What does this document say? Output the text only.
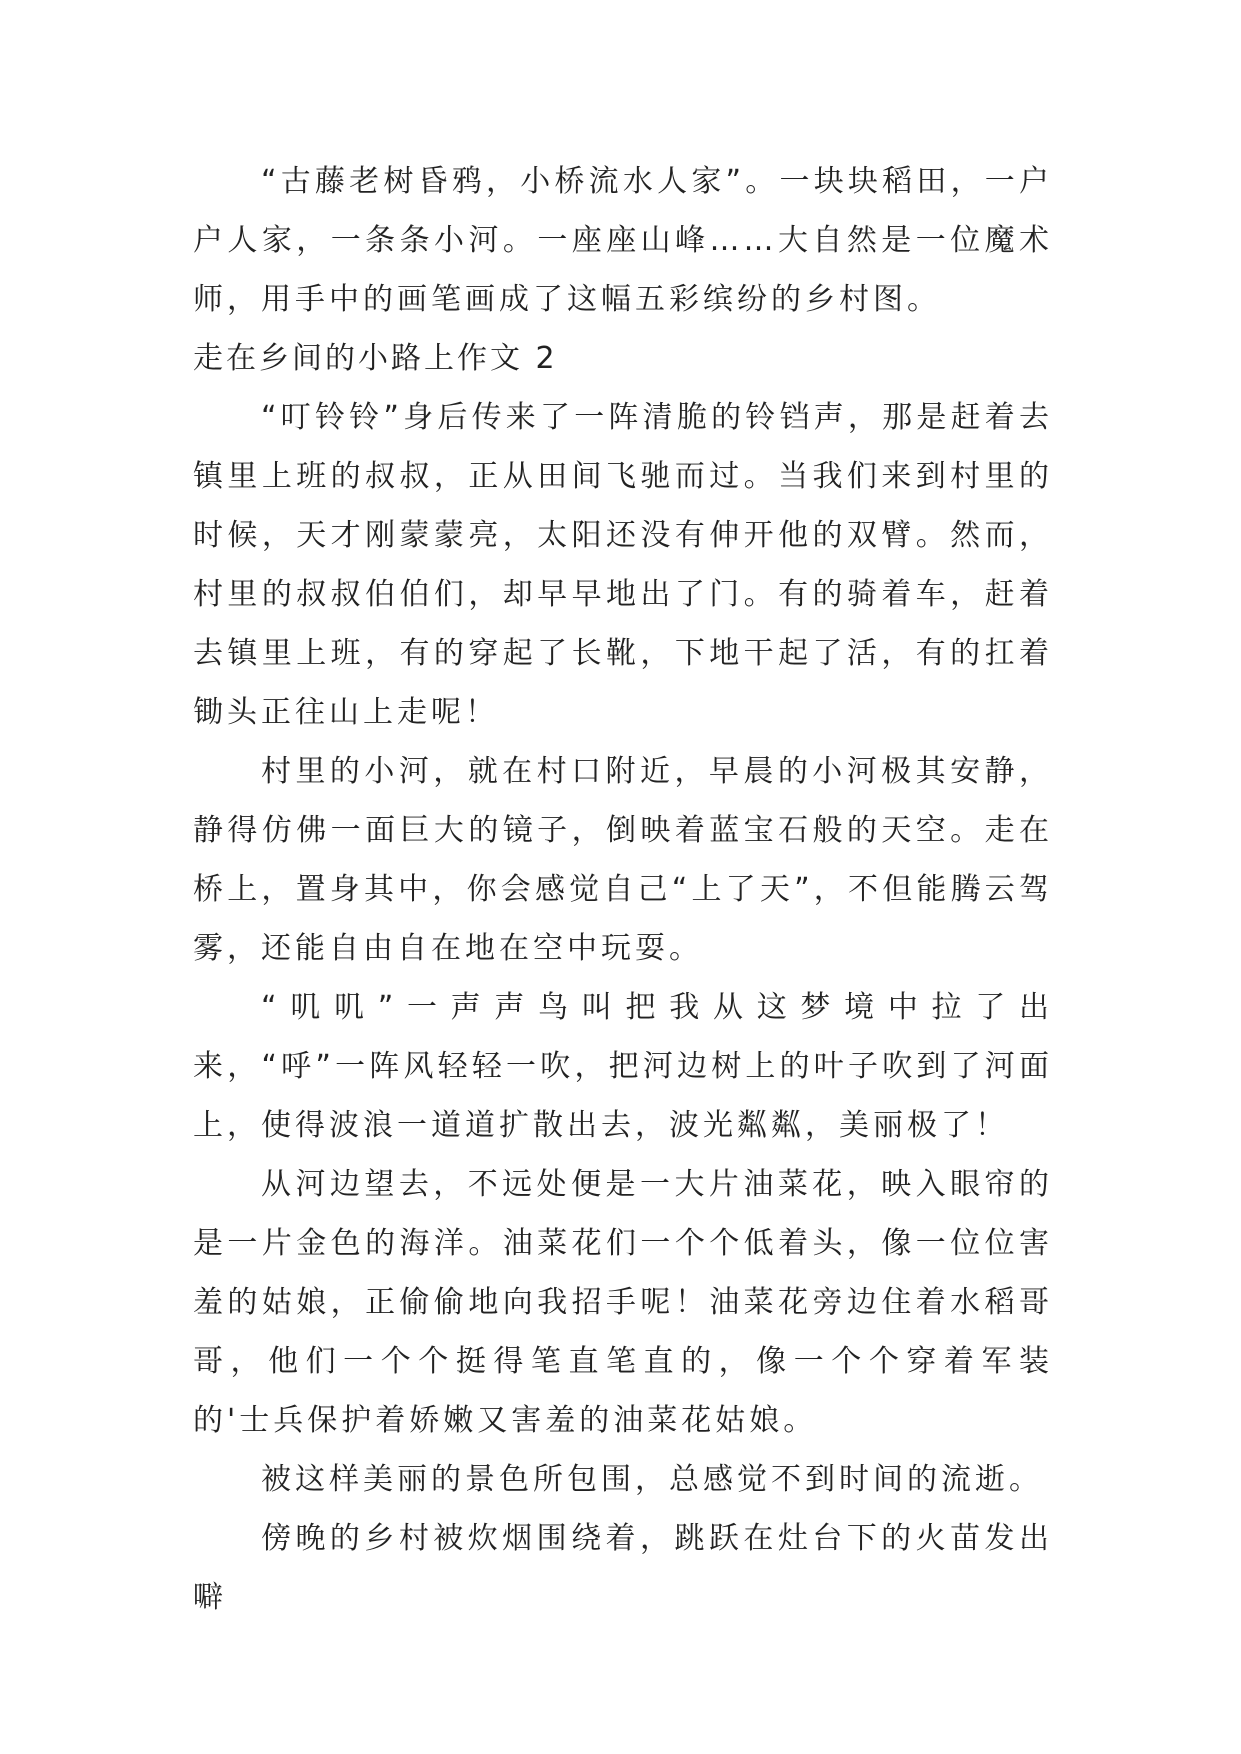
“古藤老树昏鸦，小桥流水人家”。一块块稻田，一户户人家，一条条小河。一座座山峰……大自然是一位魔术师，用手中的画笔画成了这幅五彩缤纷的乡村图。

走在乡间的小路上作文 2

“叮铃铃”身后传来了一阵清脆的铃铛声，那是赶着去镇里上班的叔叔，正从田间飞驰而过。当我们来到村里的时候，天才刚蒙蒙亮，太阳还没有伸开他的双臂。然而，村里的叔叔伯伯们，却早早地出了门。有的骑着车，赶着去镇里上班，有的穿起了长靴，下地干起了活，有的扛着锄头正往山上走呢！

村里的小河，就在村口附近，早晨的小河极其安静，静得仿佛一面巨大的镜子，倒映着蓝宝石般的天空。走在桥上，置身其中，你会感觉自己“上了天”，不但能腾云驾雾，还能自由自在地在空中玩耍。

“叽叽”一声声鸟叫把我从这梦境中拉了出来，“呼”一阵风轻轻一吹，把河边树上的叶子吹到了河面上，使得波浪一道道扩散出去，波光粼粼，美丽极了！

从河边望去，不远处便是一大片油菜花，映入眼帘的是一片金色的海洋。油菜花们一个个低着头，像一位位害羞的姑娘，正偷偷地向我招手呢！油菜花旁边住着水稻哥哥，他们一个个挺得笔直笔直的，像一个个穿着军装的'士兵保护着娇嫩又害羞的油菜花姑娘。

被这样美丽的景色所包围，总感觉不到时间的流逝。

傍晚的乡村被炊烟围绕着，跳跃在灶台下的火苗发出噼
